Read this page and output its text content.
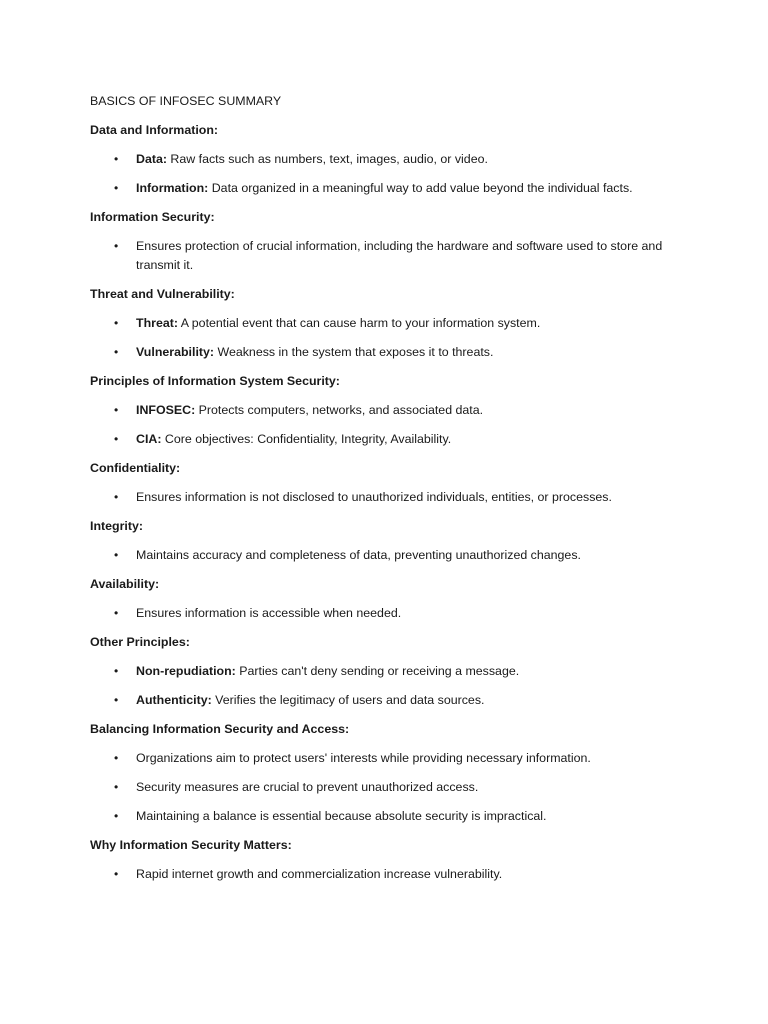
BASICS OF INFOSEC SUMMARY
Data and Information:
• Data: Raw facts such as numbers, text, images, audio, or video.
• Information: Data organized in a meaningful way to add value beyond the individual facts.
Information Security:
• Ensures protection of crucial information, including the hardware and software used to store and transmit it.
Threat and Vulnerability:
• Threat: A potential event that can cause harm to your information system.
• Vulnerability: Weakness in the system that exposes it to threats.
Principles of Information System Security:
• INFOSEC: Protects computers, networks, and associated data.
• CIA: Core objectives: Confidentiality, Integrity, Availability.
Confidentiality:
• Ensures information is not disclosed to unauthorized individuals, entities, or processes.
Integrity:
• Maintains accuracy and completeness of data, preventing unauthorized changes.
Availability:
• Ensures information is accessible when needed.
Other Principles:
• Non-repudiation: Parties can't deny sending or receiving a message.
• Authenticity: Verifies the legitimacy of users and data sources.
Balancing Information Security and Access:
• Organizations aim to protect users' interests while providing necessary information.
• Security measures are crucial to prevent unauthorized access.
• Maintaining a balance is essential because absolute security is impractical.
Why Information Security Matters:
• Rapid internet growth and commercialization increase vulnerability.
